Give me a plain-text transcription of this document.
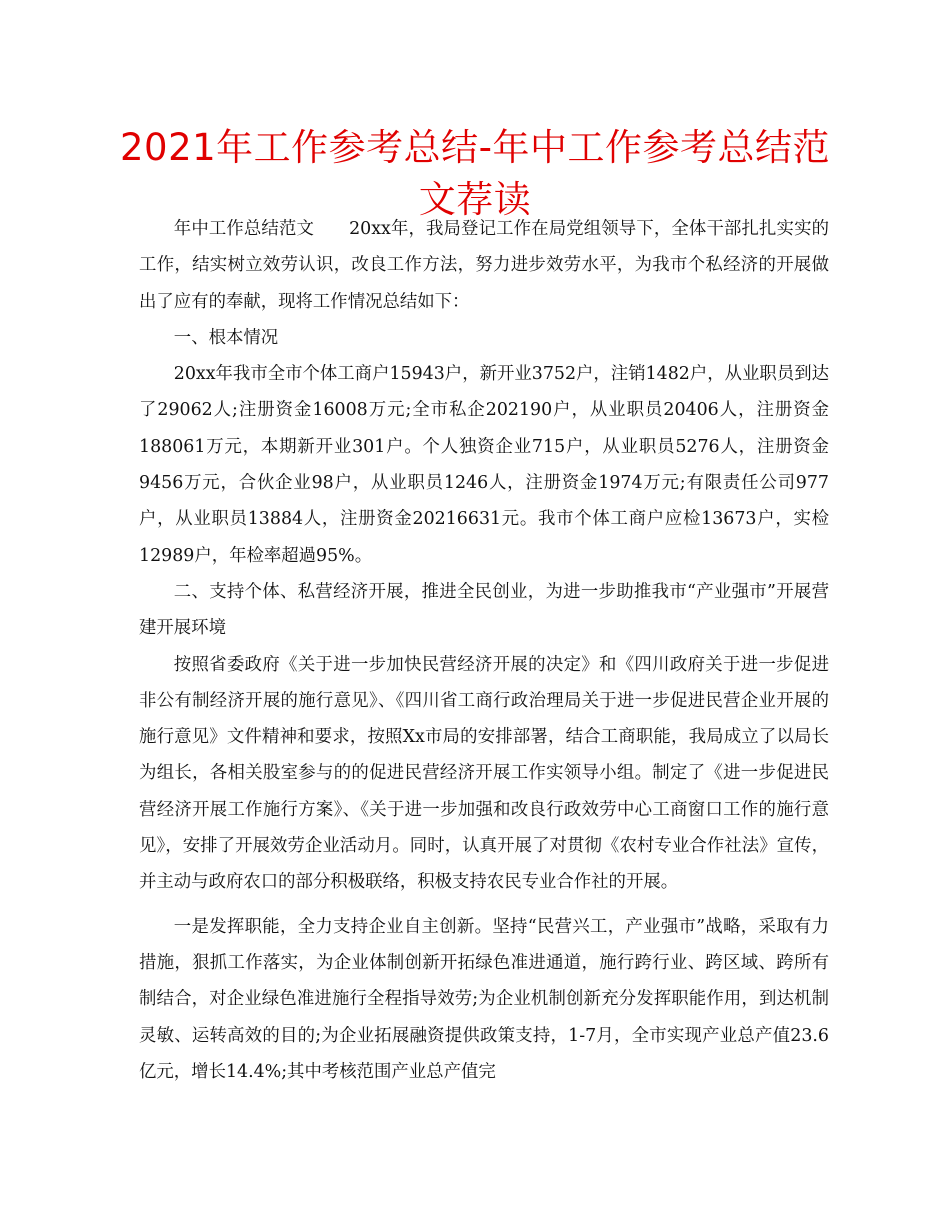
2021年工作参考总结-年中工作参考总结范文荐读

年中工作总结范文　　20xx年，我局登记工作在局党组领导下，全体干部扎扎实实的工作，结实树立效劳认识，改良工作方法，努力进步效劳水平，为我市个私经济的开展做出了应有的奉献，现将工作情况总结如下：

一、根本情况

20xx年我市全市个体工商户15943户，新开业3752户，注销1482户，从业职员到达了29062人;注册资金16008万元;全市私企202190户，从业职员20406人，注册资金188061万元，本期新开业301户。个人独资企业715户，从业职员5276人，注册资金9456万元，合伙企业98户，从业职员1246人，注册资金1974万元;有限责任公司977户，从业职员13884人，注册资金20216631元。我市个体工商户应检13673户，实检12989户，年检率超過95%。

二、支持个体、私营经济开展，推进全民创业，为进一步助推我市“产业强市”开展营建开展环境

按照省委政府《关于进一步加快民营经济开展的决定》和《四川政府关于进一步促进非公有制经济开展的施行意见》、《四川省工商行政治理局关于进一步促进民营企业开展的施行意见》文件精神和要求，按照Xx市局的安排部署，结合工商职能，我局成立了以局长为组长，各相关股室参与的的促进民营经济开展工作实领导小组。制定了《进一步促进民营经济开展工作施行方案》、《关于进一步加强和改良行政效劳中心工商窗口工作的施行意见》，安排了开展效劳企业活动月。同时，认真开展了对贯彻《农村专业合作社法》宣传，并主动与政府农口的部分积极联络，积极支持农民专业合作社的开展。

一是发挥职能，全力支持企业自主创新。坚持“民营兴工，产业强市”战略，采取有力措施，狠抓工作落实，为企业体制创新开拓绿色准进通道，施行跨行业、跨区域、跨所有制结合，对企业绿色准进施行全程指导效劳;为企业机制创新充分发挥职能作用，到达机制灵敏、运转高效的目的;为企业拓展融资提供政策支持，1-7月，全市实现产业总产值23.6亿元，增长14.4%;其中考核范围产业总产值完
